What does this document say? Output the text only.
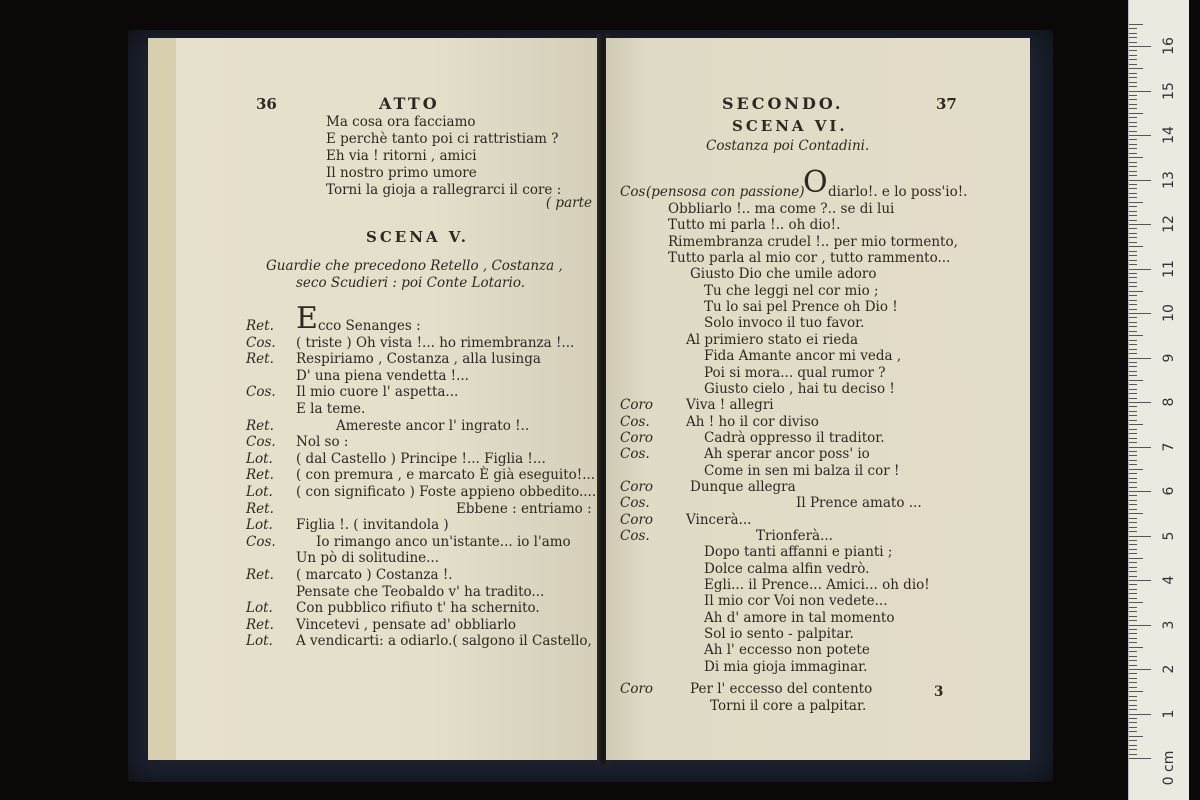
36	ATTO
Ma cosa ora facciamo
E perchè tanto poi ci rattristiam ?
Eh via ! ritorni , amici
Il nostro primo umore
Torni la gioja a rallegrarci il core :
( parte
SCENA V.
Guardie che precedono Retello , Costanza ,
seco Scudieri : poi Conte Lotario.
Ret. E cco Senanges :
Cos. ( triste ) Oh vista !... ho rimembranza !...
Ret. Respiriamo , Costanza , alla lusinga
D' una piena vendetta !...
Cos. Il mio cuore l' aspetta...
E la teme.
Ret.	Amereste ancor l' ingrato !..
Cos. Nol so :
Lot. ( dal Castello ) Principe !... Figlia !...
Ret. ( con premura , e marcato È già eseguito!...
Lot. ( con significato ) Foste appieno obbedito....
Ret.	Ebbene : entriamo :
Lot. Figlia !. ( invitandola )
Cos.	Io rimango anco un'istante... io l'amo
Un pò di solitudine...
Ret. ( marcato ) Costanza !.
Pensate che Teobaldo v' ha tradito...
Lot. Con pubblico rifiuto t' ha schernito.
Ret. Vincetevi , pensate ad' obbliarlo
Lot. A vendicarti: a odiarlo.( salgono il Castello,
SECONDO.	37
SCENA VI.
Costanza poi Contadini.
Cos.
(pensosa con passione)
O diarlo!. e lo poss'io!.
Obbliarlo !.. ma come ?.. se di lui
Tutto mi parla !.. oh dio!.
Rimembranza crudel !.. per mio tormento,
Tutto parla al mio cor , tutto rammento...
Giusto Dio che umile adoro
Tu che leggi nel cor mio ;
Tu lo sai pel Prence oh Dio !
Solo invoco il tuo favor.
Al primiero stato ei rieda
Fida Amante ancor mi veda ,
Poi si mora... qual rumor ?
Giusto cielo , hai tu deciso !
Coro Viva ! allegri
Cos.	Ah ! ho il cor diviso
Coro	Cadrà oppresso il traditor.
Cos.	Ah sperar ancor poss' io
Come in sen mi balza il cor !
Coro	Dunque allegra
Cos.	Il Prence amato ...
Coro Vincerà...
Cos.	Trionferà...
Dopo tanti affanni e pianti ;
Dolce calma alfin vedrò.
Egli... il Prence... Amici... oh dio!
Il mio cor Voi non vedete...
Ah d' amore in tal momento
Sol io sento - palpitar.
Ah l' eccesso non potete
Di mia gioja immaginar.
Coro	Per l' eccesso del contento
Torni il core a palpitar.
3
1
2
3
4
5
6
7
8
9
10
11
12
13
14
15
16
0 cm
